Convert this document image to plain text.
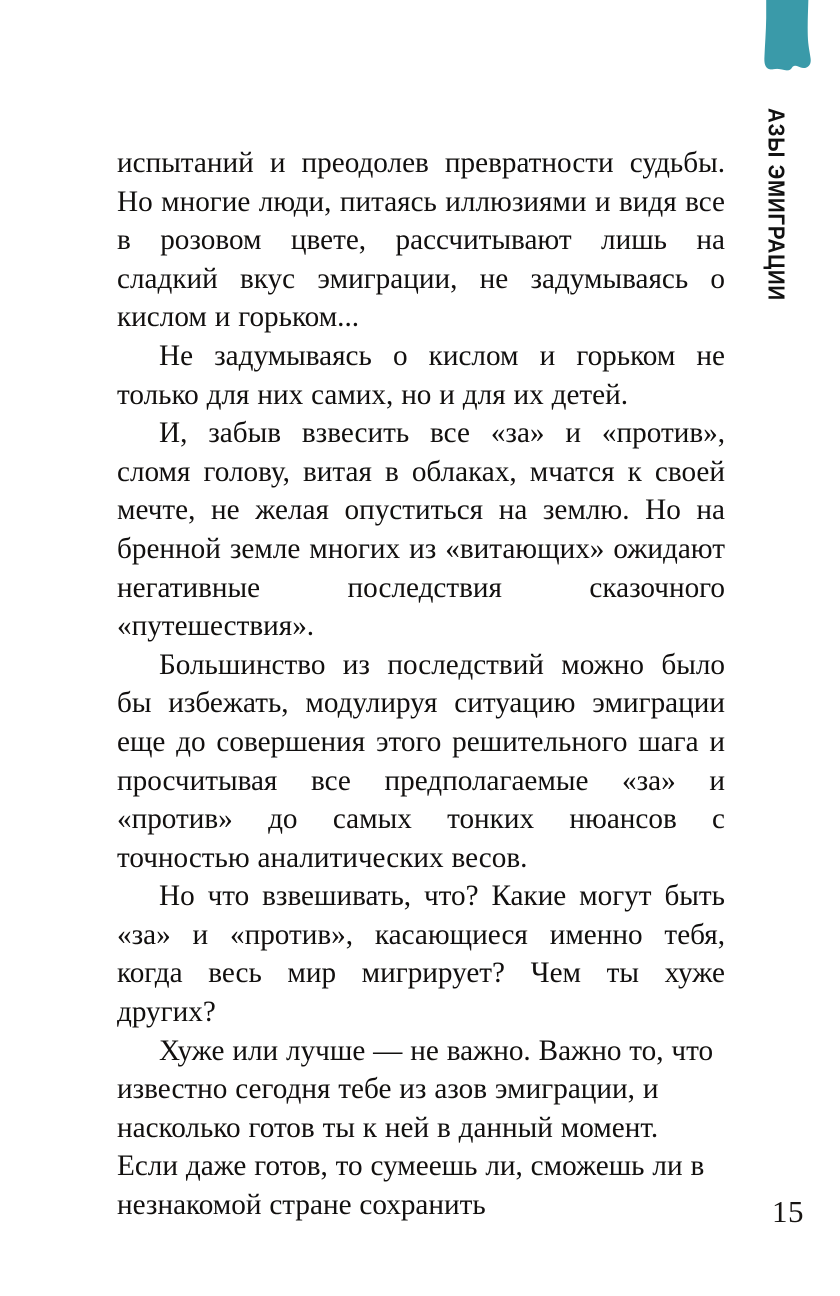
АЗЫ ЭМИГРАЦИИ

испытаний и преодолев превратности судьбы. Но многие люди, питаясь иллюзиями и видя все в розовом цвете, рассчитывают лишь на сладкий вкус эмиграции, не задумываясь о кислом и горьком...

Не задумываясь о кислом и горьком не только для них самих, но и для их детей.

И, забыв взвесить все «за» и «против», сломя голову, витая в облаках, мчатся к своей мечте, не желая опуститься на землю. Но на бренной земле многих из «витающих» ожидают негативные последствия сказочного «путешествия».

Большинство из последствий можно было бы избежать, модулируя ситуацию эмиграции еще до совершения этого решительного шага и просчитывая все предполагаемые «за» и «против» до самых тонких нюансов с точностью аналитических весов.

Но что взвешивать, что? Какие могут быть «за» и «против», касающиеся именно тебя, когда весь мир мигрирует? Чем ты хуже других?

Хуже или лучше — не важно. Важно то, что известно сегодня тебе из азов эмиграции, и насколько готов ты к ней в данный момент. Если даже готов, то сумеешь ли, сможешь ли в незнакомой стране сохранить	15
